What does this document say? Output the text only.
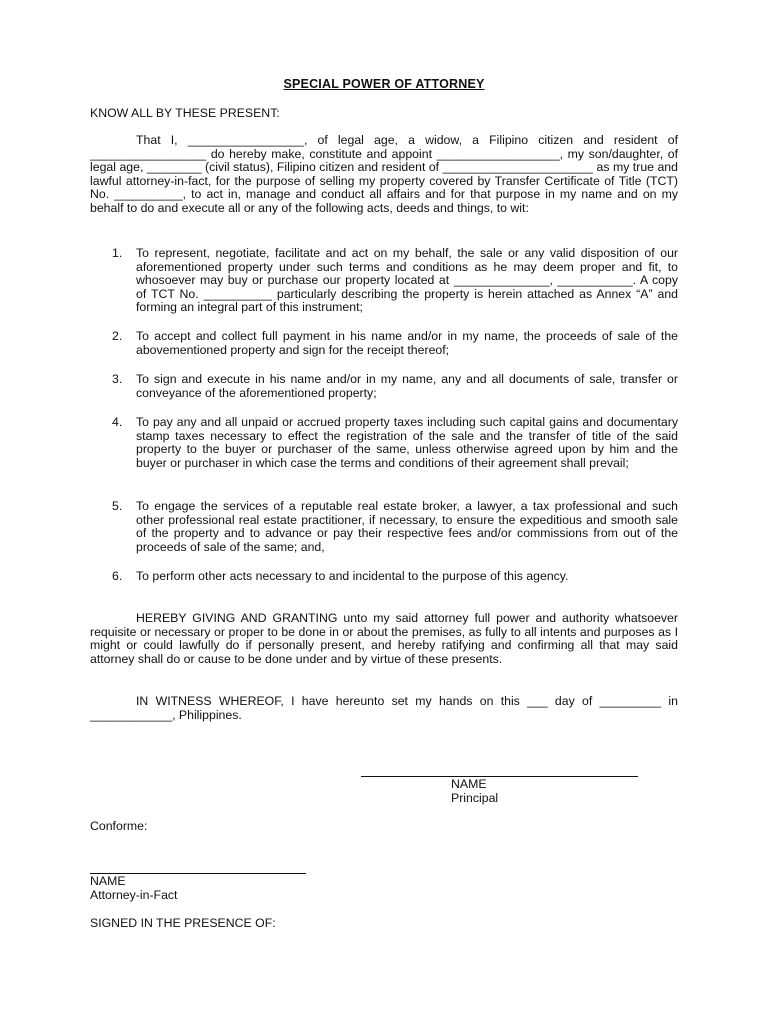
SPECIAL POWER OF ATTORNEY
KNOW ALL BY THESE PRESENT:
That I, _________________, of legal age, a widow, a Filipino citizen and resident of _________________ do hereby make, constitute and appoint __________________, my son/daughter, of legal age, ________ (civil status), Filipino citizen and resident of ______________________ as my true and lawful attorney-in-fact, for the purpose of selling my property covered by Transfer Certificate of Title (TCT) No. __________, to act in, manage and conduct all affairs and for that purpose in my name and on my behalf to do and execute all or any of the following acts, deeds and things, to wit:
1. To represent, negotiate, facilitate and act on my behalf, the sale or any valid disposition of our aforementioned property under such terms and conditions as he may deem proper and fit, to whosoever may buy or purchase our property located at ______________, ___________. A copy of TCT No. __________ particularly describing the property is herein attached as Annex “A” and forming an integral part of this instrument;
2. To accept and collect full payment in his name and/or in my name, the proceeds of sale of the abovementioned property and sign for the receipt thereof;
3. To sign and execute in his name and/or in my name, any and all documents of sale, transfer or conveyance of the aforementioned property;
4. To pay any and all unpaid or accrued property taxes including such capital gains and documentary stamp taxes necessary to effect the registration of the sale and the transfer of title of the said property to the buyer or purchaser of the same, unless otherwise agreed upon by him and the buyer or purchaser in which case the terms and conditions of their agreement shall prevail;
5. To engage the services of a reputable real estate broker, a lawyer, a tax professional and such other professional real estate practitioner, if necessary, to ensure the expeditious and smooth sale of the property and to advance or pay their respective fees and/or commissions from out of the proceeds of sale of the same; and,
6. To perform other acts necessary to and incidental to the purpose of this agency.
HEREBY GIVING AND GRANTING unto my said attorney full power and authority whatsoever requisite or necessary or proper to be done in or about the premises, as fully to all intents and purposes as I might or could lawfully do if personally present, and hereby ratifying and confirming all that may said attorney shall do or cause to be done under and by virtue of these presents.
IN WITNESS WHEREOF, I have hereunto set my hands on this ___ day of _________ in ____________, Philippines.
NAME
Principal
Conforme:
NAME
Attorney-in-Fact
SIGNED IN THE PRESENCE OF:
